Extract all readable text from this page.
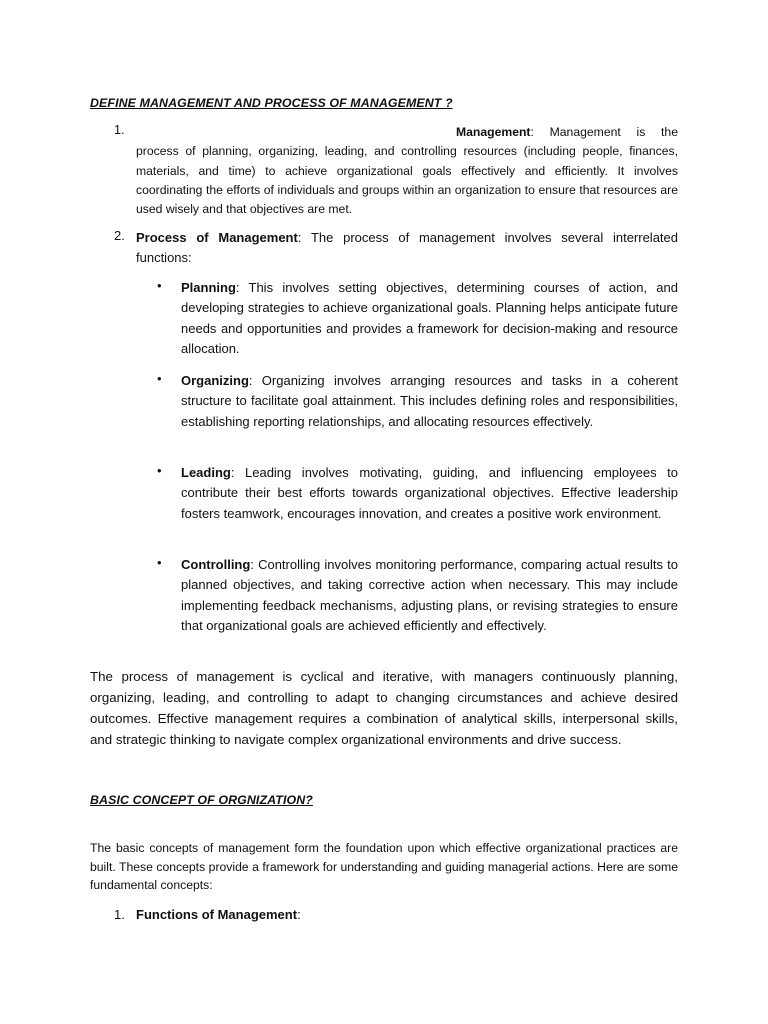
DEFINE MANAGEMENT AND PROCESS OF MANAGEMENT ?
1.	Management: Management is the process of planning, organizing, leading, and controlling resources (including people, finances, materials, and time) to achieve organizational goals effectively and efficiently. It involves coordinating the efforts of individuals and groups within an organization to ensure that resources are used wisely and that objectives are met.
2. Process of Management: The process of management involves several interrelated functions:
• Planning: This involves setting objectives, determining courses of action, and developing strategies to achieve organizational goals. Planning helps anticipate future needs and opportunities and provides a framework for decision-making and resource allocation.
• Organizing: Organizing involves arranging resources and tasks in a coherent structure to facilitate goal attainment. This includes defining roles and responsibilities, establishing reporting relationships, and allocating resources effectively.
• Leading: Leading involves motivating, guiding, and influencing employees to contribute their best efforts towards organizational objectives. Effective leadership fosters teamwork, encourages innovation, and creates a positive work environment.
• Controlling: Controlling involves monitoring performance, comparing actual results to planned objectives, and taking corrective action when necessary. This may include implementing feedback mechanisms, adjusting plans, or revising strategies to ensure that organizational goals are achieved efficiently and effectively.
The process of management is cyclical and iterative, with managers continuously planning, organizing, leading, and controlling to adapt to changing circumstances and achieve desired outcomes. Effective management requires a combination of analytical skills, interpersonal skills, and strategic thinking to navigate complex organizational environments and drive success.
BASIC CONCEPT OF ORGNIZATION?
The basic concepts of management form the foundation upon which effective organizational practices are built. These concepts provide a framework for understanding and guiding managerial actions. Here are some fundamental concepts:
1. Functions of Management:
